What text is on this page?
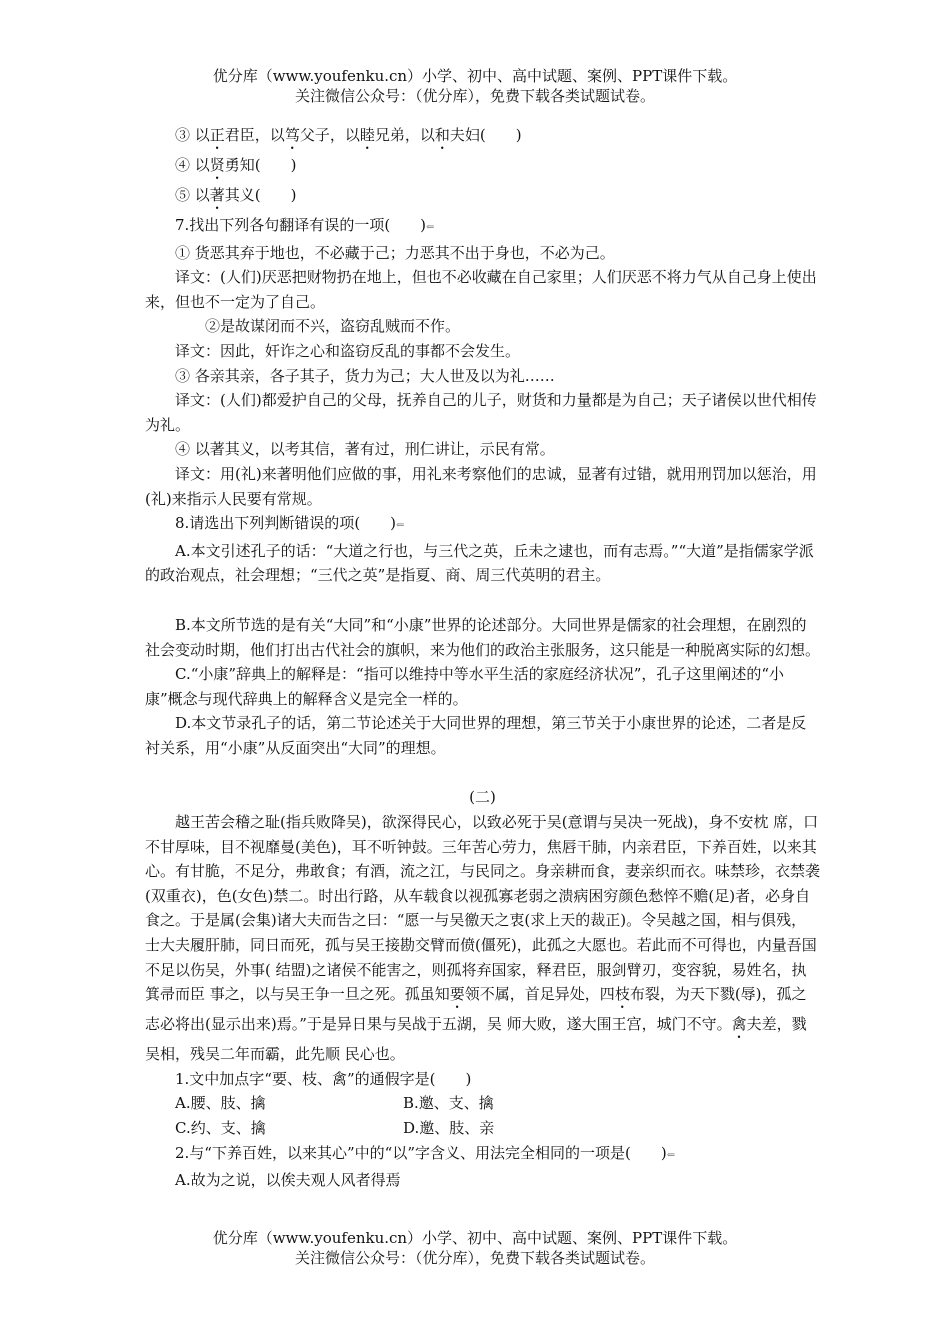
优分库（www.youfenku.cn）小学、初中、高中试题、案例、PPT课件下载。
关注微信公众号：（优分库），免费下载各类试题试卷。

③ 以正君臣，以笃父子，以睦兄弟，以和夫妇(　　)

④ 以贤勇知(　　)

⑤ 以著其义(　　)

7.找出下列各句翻译有误的一项(　　)⇐

① 货恶其弃于地也，不必藏于己；力恶其不出于身也，不必为己。

译文：(人们)厌恶把财物扔在地上，但也不必收藏在自己家里；人们厌恶不将力气从自己身上使出来，但也不一定为了自己。

②是故谋闭而不兴，盗窃乱贼而不作。

译文：因此，奸诈之心和盗窃反乱的事都不会发生。

③ 各亲其亲，各子其子，货力为己；大人世及以为礼……

译文：(人们)都爱护自己的父母，抚养自己的儿子，财货和力量都是为自己；天子诸侯以世代相传为礼。

④ 以著其义，以考其信，著有过，刑仁讲让，示民有常。

译文：用(礼)来著明他们应做的事，用礼来考察他们的忠诚，显著有过错，就用刑罚加以惩治，用(礼)来指示人民要有常规。

8.请选出下列判断错误的项(　　)⇐

A.本文引述孔子的话：“大道之行也，与三代之英，丘未之逮也，而有志焉。”“大道”是指儒家学派的政治观点，社会理想；“三代之英”是指夏、商、周三代英明的君主。

B.本文所节选的是有关“大同”和“小康”世界的论述部分。大同世界是儒家的社会理想，在剧烈的社会变动时期，他们打出古代社会的旗帜，来为他们的政治主张服务，这只能是一种脱离实际的幻想。

C.“小康”辞典上的解释是：“指可以维持中等水平生活的家庭经济状况”，孔子这里阐述的“小康”概念与现代辞典上的解释含义是完全一样的。

D.本文节录孔子的话，第二节论述关于大同世界的理想，第三节关于小康世界的论述，二者是反衬关系，用“小康”从反面突出“大同”的理想。

(二)

越王苦会稽之耻(指兵败降吴)，欲深得民心，以致必死于吴(意谓与吴决一死战)，身不安枕 席，口不甘厚味，目不视靡曼(美色)，耳不听钟鼓。三年苦心劳力，焦唇干肺，内亲君臣，下养百姓，以来其心。有甘脆，不足分，弗敢食；有酒，流之江，与民同之。身亲耕而食，妻亲织而衣。味禁珍，衣禁袭(双重衣)，色(女色)禁二。时出行路，从车载食以视孤寡老弱之溃病困穷颜色愁悴不赡(足)者，必身自食之。于是属(会集)诸大夫而告之曰：“愿一与吴徼天之衷(求上天的裁正)。令吴越之国，相与俱残，士大夫履肝肺，同日而死，孤与吴王接勘交臂而偾(僵死)，此孤之大愿也。若此而不可得也，内量吾国不足以伤吴，外事( 结盟)之诸侯不能害之，则孤将弃国家，释君臣，服剑臂刃，变容貌，易姓名，执箕帚而臣 事之，以与吴王争一旦之死。孤虽知要领不属，首足异处，四枝布裂，为天下戮(辱)，孤之志必将出(显示出来)焉。”于是异日果与吴战于五湖，吴 师大败，遂大围王宫，城门不守。禽夫差，戮吴相，残吴二年而霸，此先顺 民心也。

1.文中加点字“要、枝、禽”的通假字是(　　)

A.腰、肢、擒	B.邀、支、擒
C.约、支、擒	D.邀、肢、亲

2.与“下养百姓，以来其心”中的“以”字含义、用法完全相同的一项是(　　)⇐

A.故为之说，以俟夫观人风者得焉

优分库（www.youfenku.cn）小学、初中、高中试题、案例、PPT课件下载。
关注微信公众号：（优分库），免费下载各类试题试卷。
